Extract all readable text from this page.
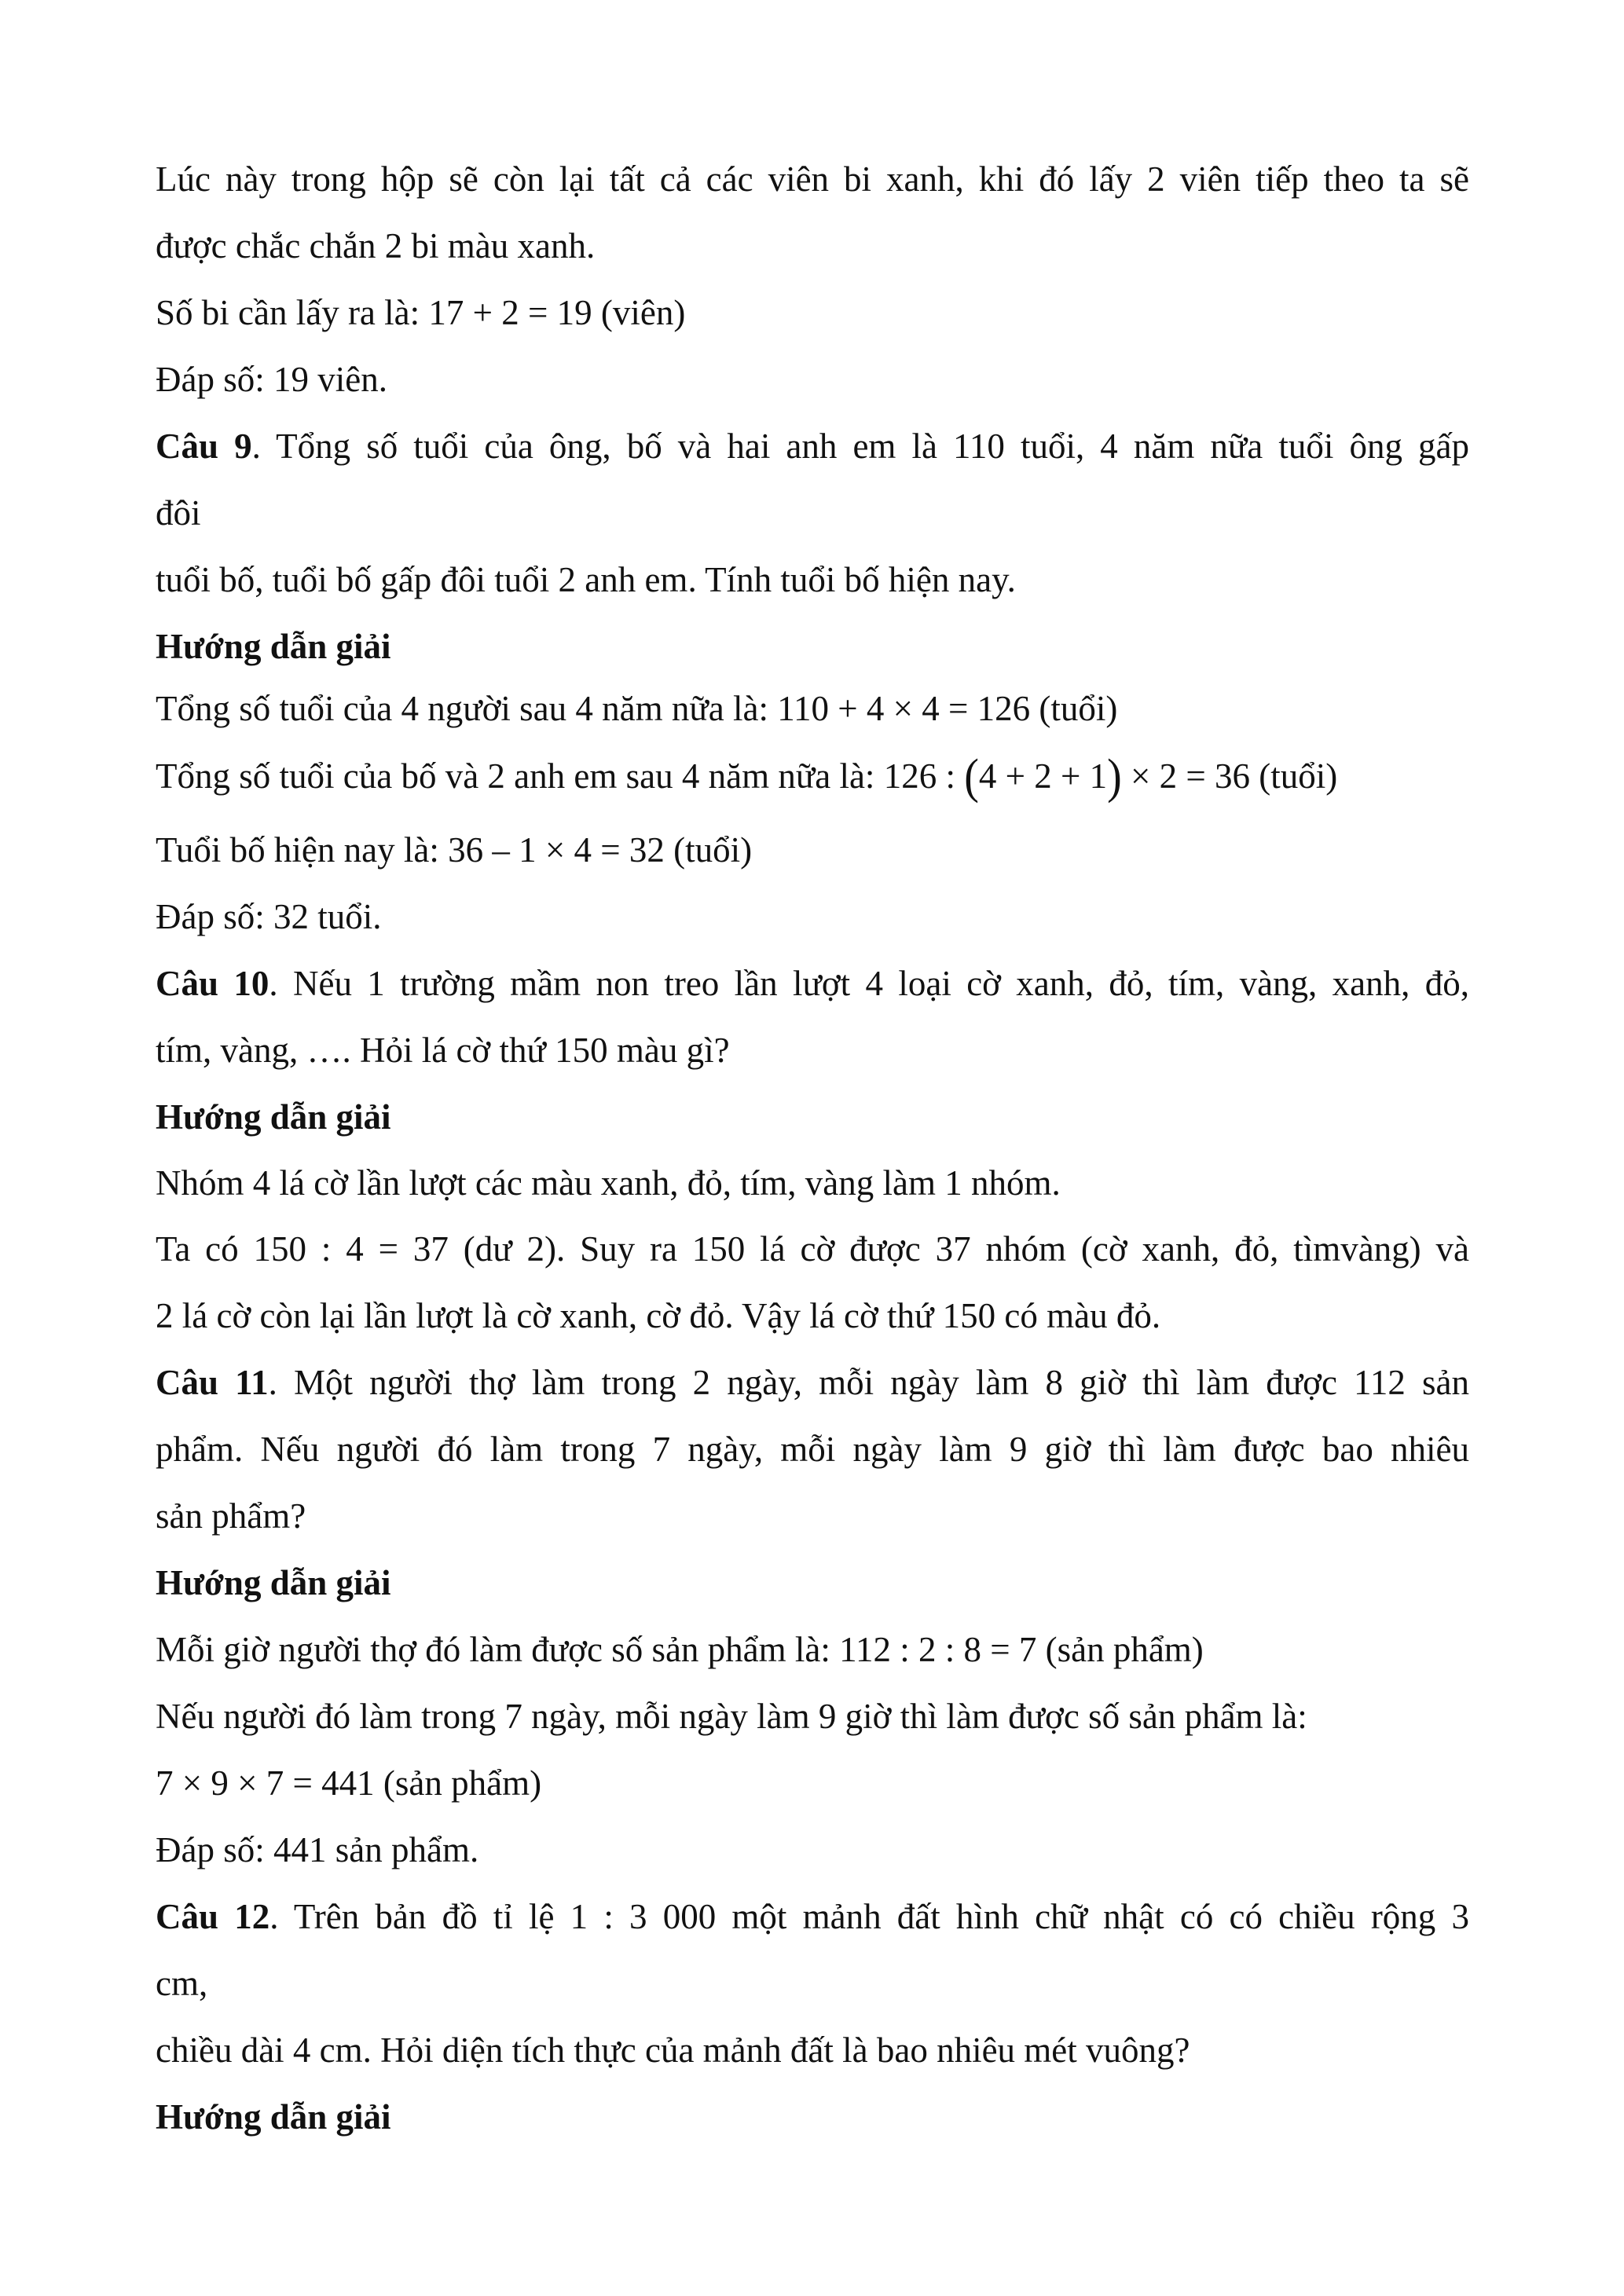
Lúc này trong hộp sẽ còn lại tất cả các viên bi xanh, khi đó lấy 2 viên tiếp theo ta sẽ

được chắc chắn 2 bi màu xanh.

Số bi cần lấy ra là: 17 + 2 = 19 (viên)

Đáp số: 19 viên.

Câu 9. Tổng số tuổi của ông, bố và hai anh em là 110 tuổi, 4 năm nữa tuổi ông gấp

đôi

tuổi bố, tuổi bố gấp đôi tuổi 2 anh em. Tính tuổi bố hiện nay.

Hướng dẫn giải

Tổng số tuổi của 4 người sau 4 năm nữa là: 110 + 4 × 4 = 126 (tuổi)

Tổng số tuổi của bố và 2 anh em sau 4 năm nữa là: 126 : (4 + 2 + 1) × 2 = 36 (tuổi)

Tuổi bố hiện nay là: 36 – 1 × 4 = 32 (tuổi)

Đáp số: 32 tuổi.

Câu 10. Nếu 1 trường mầm non treo lần lượt 4 loại cờ xanh, đỏ, tím, vàng, xanh, đỏ,

tím, vàng, …. Hỏi lá cờ thứ 150 màu gì?

Hướng dẫn giải

Nhóm 4 lá cờ lần lượt các màu xanh, đỏ, tím, vàng làm 1 nhóm.

Ta có 150 : 4 = 37 (dư 2). Suy ra 150 lá cờ được 37 nhóm (cờ xanh, đỏ, tìmvàng) và

2 lá cờ còn lại lần lượt là cờ xanh, cờ đỏ. Vậy lá cờ thứ 150 có màu đỏ.

Câu 11. Một người thợ làm trong 2 ngày, mỗi ngày làm 8 giờ thì làm được 112 sản

phẩm. Nếu người đó làm trong 7 ngày, mỗi ngày làm 9 giờ thì làm được bao nhiêu

sản phẩm?

Hướng dẫn giải

Mỗi giờ người thợ đó làm được số sản phẩm là: 112 : 2 : 8 = 7 (sản phẩm)

Nếu người đó làm trong 7 ngày, mỗi ngày làm 9 giờ thì làm được số sản phẩm là:

7 × 9 × 7 = 441 (sản phẩm)

Đáp số: 441 sản phẩm.

Câu 12. Trên bản đồ tỉ lệ 1 : 3 000 một mảnh đất hình chữ nhật có có chiều rộng 3

cm,

chiều dài 4 cm. Hỏi diện tích thực của mảnh đất là bao nhiêu mét vuông?

Hướng dẫn giải
